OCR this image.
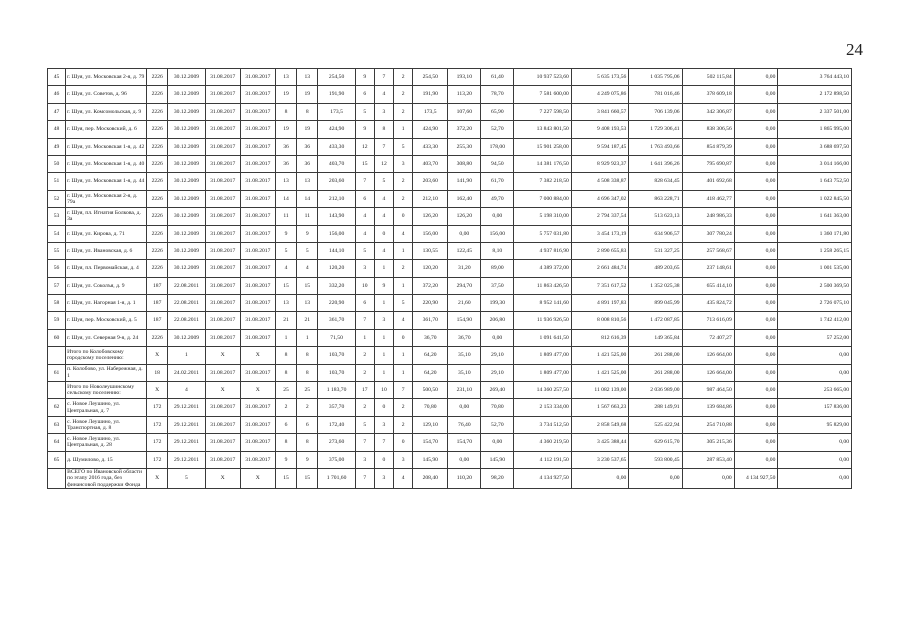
24
45	г. Шуя, ул. Московская 2-я, д. 79	2226	30.12.2009	31.08.2017	31.08.2017	13	13	254,50	9	7	2	254,50	193,10	61,40	10 937 523,60	5 635 173,56	1 035 795,06	502 115,84	0,00	3 764 443,10
46	г. Шуя, ул. Советов, д. 96	2226	30.12.2009	31.08.2017	31.08.2017	19	19	191,90	6	4	2	191,90	113,20	78,70	7 581 600,00	4 249 075,86	781 016,46	378 609,18	0,00	2 172 898,50
47	г. Шуя, ул. Комсомольская, д. 9	2226	30.12.2009	31.08.2017	31.08.2017	8	8	173,5	5	3	2	173,5	107,60	65,90	7 227 598,50	3 841 660,57	706 139,06	342 306,87	0,00	2 337 501,00
48	г. Шуя, пер. Московский, д. 6	2226	30.12.2009	31.08.2017	31.08.2017	19	19	424,90	9	8	1	424,90	372,20	52,70	13 843 801,50	9 408 193,53	1 729 306,41	838 306,56	0,00	1 865 995,00
49	г. Шуя, ул. Московская 1-я, д. 42	2226	30.12.2009	31.08.2017	31.08.2017	36	36	433,30	12	7	5	433,30	255,30	178,00	15 901 258,00	9 594 187,45	1 763 493,66	854 879,39	0,00	3 688 697,50
50	г. Шуя, ул. Московская 1-я, д. 40	2226	30.12.2009	31.08.2017	31.08.2017	36	36	403,70	15	12	3	403,70	308,80	94,50	14 381 176,50	8 929 923,37	1 641 396,26	795 690,87	0,00	3 014 166,00
51	г. Шуя, ул. Московская 1-я, д. 44	2226	30.12.2009	31.08.2017	31.08.2017	13	13	203,60	7	5	2	203,60	141,90	61,70	7 382 218,50	4 508 338,87	828 634,45	401 692,68	0,00	1 643 752,50
52	г. Шуя, ул. Московская 2-я, д. 79а	2226	30.12.2009	31.08.2017	31.08.2017	14	14	212,10	6	4	2	212,10	162,40	49,70	7 000 884,00	4 696 347,02	863 228,71	418 462,77	0,00	1 022 845,50
53	г. Шуя, пл. Игнатия Болкова, д. 3а	2226	30.12.2009	31.08.2017	31.08.2017	11	11	143,90	4	4	0	126,20	126,20	0,00	5 198 310,00	2 794 337,54	513 623,13	248 986,33	0,00	1 641 363,00
54	г. Шуя, ул. Кирова, д. 71	2226	30.12.2009	31.08.2017	31.08.2017	9	9	156,00	4	0	4	156,00	0,00	156,00	5 757 031,80	3 454 173,19	634 906,57	307 780,24	0,00	1 360 171,80
55	г. Шуя, ул. Ивановская, д. 6	2226	30.12.2009	31.08.2017	31.08.2017	5	5	144,10	5	4	1	130,55	122,45	8,10	4 937 816,90	2 890 655,83	531 327,25	257 568,67	0,00	1 258 265,15
56	г. Шуя, пл. Первомайская, д. 4	2226	30.12.2009	31.08.2017	31.08.2017	4	4	120,20	3	1	2	120,20	31,20	89,00	4 389 372,00	2 661 484,74	489 203,65	237 148,61	0,00	1 001 535,00
57	г. Шуя, ул. Соколъя, д. 9	187	22.08.2011	31.08.2017	31.08.2017	15	15	332,20	10	9	1	372,20	294,70	37,50	11 863 426,50	7 351 617,52	1 352 025,38	655 414,10	0,00	2 500 369,50
58	г. Шуя, ул. Нагорная 1-я, д. 1	187	22.08.2011	31.08.2017	31.08.2017	13	13	220,90	6	1	5	220,90	21,60	199,30	8 952 141,60	4 891 197,83	899 045,99	435 824,72	0,00	2 726 075,10
59	г. Шуя, пер. Московский, д. 5	187	22.08.2011	31.08.2017	31.08.2017	21	21	361,70	7	3	4	361,70	154,90	206,80	11 936 926,50	8 008 810,56	1 472 087,85	713 616,09	0,00	1 742 412,00
60	г. Шуя, ул. Северная 9-я, д. 24	2226	30.12.2009	31.08.2017	31.08.2017	1	1	71,50	1	1	0	36,70	36,70	0,00	1 091 641,50	812 616,39	149 365,84	72 407,27	0,00	57 252,00
	Итого по Колобовскому городскому поселению:	X	1	X	X	8	8	103,70	2	1	1	64,20	35,10	29,10	1 809 477,00	1 421 525,00	261 288,00	126 664,00	0,00	0,00
61	п. Колобово, ул. Набережная, д. 1	18	24.02.2011	31.08.2017	31.08.2017	8	8	103,70	2	1	1	64,20	35,10	29,10	1 809 477,00	1 421 525,00	261 288,00	126 664,00	0,00	0,00
	Итого по Новолеушинскому сельскому поселению:	X	4	X	X	25	25	1 183,70	17	10	7	500,50	231,10	269,40	14 360 257,50	11 082 139,00	2 036 989,00	987 464,50	0,00	253 665,00
62	с. Новое Леушино, ул. Центральная, д. 7	172	29.12.2011	31.08.2017	31.08.2017	2	2	357,70	2	0	2	70,80	0,00	70,80	2 153 334,00	1 567 663,23	288 149,91	139 684,86	0,00	157 836,00
63	с. Новое Леушино, ул. Транспортная, д. 8	172	29.12.2011	31.08.2017	31.08.2017	6	6	172,40	5	3	2	129,10	76,40	52,70	3 734 512,50	2 858 549,68	525 422,94	254 710,88	0,00	95 829,00
64	с. Новое Леушино, ул. Центральная, д. 28	172	29.12.2011	31.08.2017	31.08.2017	8	8	273,60	7	7	0	154,70	154,70	0,00	4 360 219,50	3 425 388,44	629 615,70	305 215,36	0,00	0,00
65	д. Шумилово, д. 15	172	29.12.2011	31.08.2017	31.08.2017	9	9	375,00	3	0	3	145,90	0,00	145,90	4 112 191,50	3 230 537,65	593 800,45	287 853,40	0,00	0,00
	ВСЕГО по Ивановской области по этапу 2016 года, без финансовой поддержки Фонда	X	5	X	X	15	15	1 701,60	7	3	4	208,40	110,20	98,20	4 134 927,50	0,00	0,00	0,00	4 134 927,50	0,00
